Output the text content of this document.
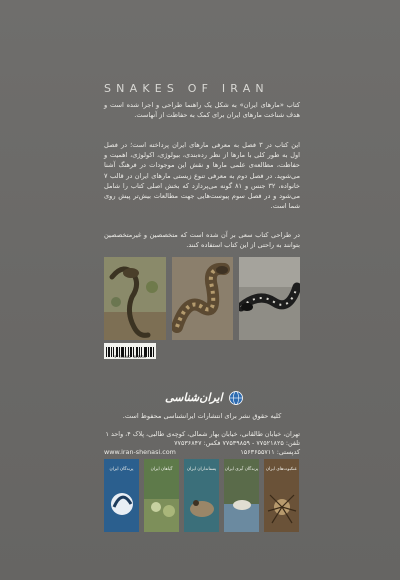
SNAKES OF IRAN
کتاب «مارهای ایران» به شکل یک راهنما طراحی و اجرا شده است و هدف شناخت مارهای ایران برای کمک به حفاظت از آنهاست.
این کتاب در ۳ فصل به معرفی مارهای ایران پرداخته است؛ در فصل اول به طور کلی با مارها از نظر رده‌بندی، بیولوژی، اکولوژی، اهمیت و حفاظت، مطالعه‌ی علمی مارها و نقش این موجودات در فرهنگ آشنا می‌شوید. در فصل دوم به معرفی تنوع زیستی مارهای ایران در قالب ۷ خانواده، ۳۲ جنس و ۸۱ گونه می‌پردازد که بخش اصلی کتاب را شامل می‌شود و در فصل سوم پیوست‌هایی جهت مطالعات بیش‌تر پیش روی شما است.
در طراحی کتاب سعی بر آن شده است که متخصصین و غیرمتخصصین بتوانند به راحتی از این کتاب استفاده کنند.
9 786002 381433
ایران‌شناسی
کلیه حقوق نشر برای انتشارات ایرانشناسی محفوظ است.
تهران، خیابان طالقانی، خیابان بهار شمالی، کوچه‌ی طالبی، پلاک ۴، واحد ۱
تلفن: ۷۷۵۲۱۸۲۵ - ۷۷۵۳۹۸۵۹ فکس: ۷۷۵۳۶۸۴۷
www.iran-shenasi.com	کدپستی: ۱۵۶۳۶۵۵۷۱۱
پرندگان ایران	گیاهان ایران	پستانداران ایران	پرندگان آبزی ایران	عنکبوت‌های ایران
